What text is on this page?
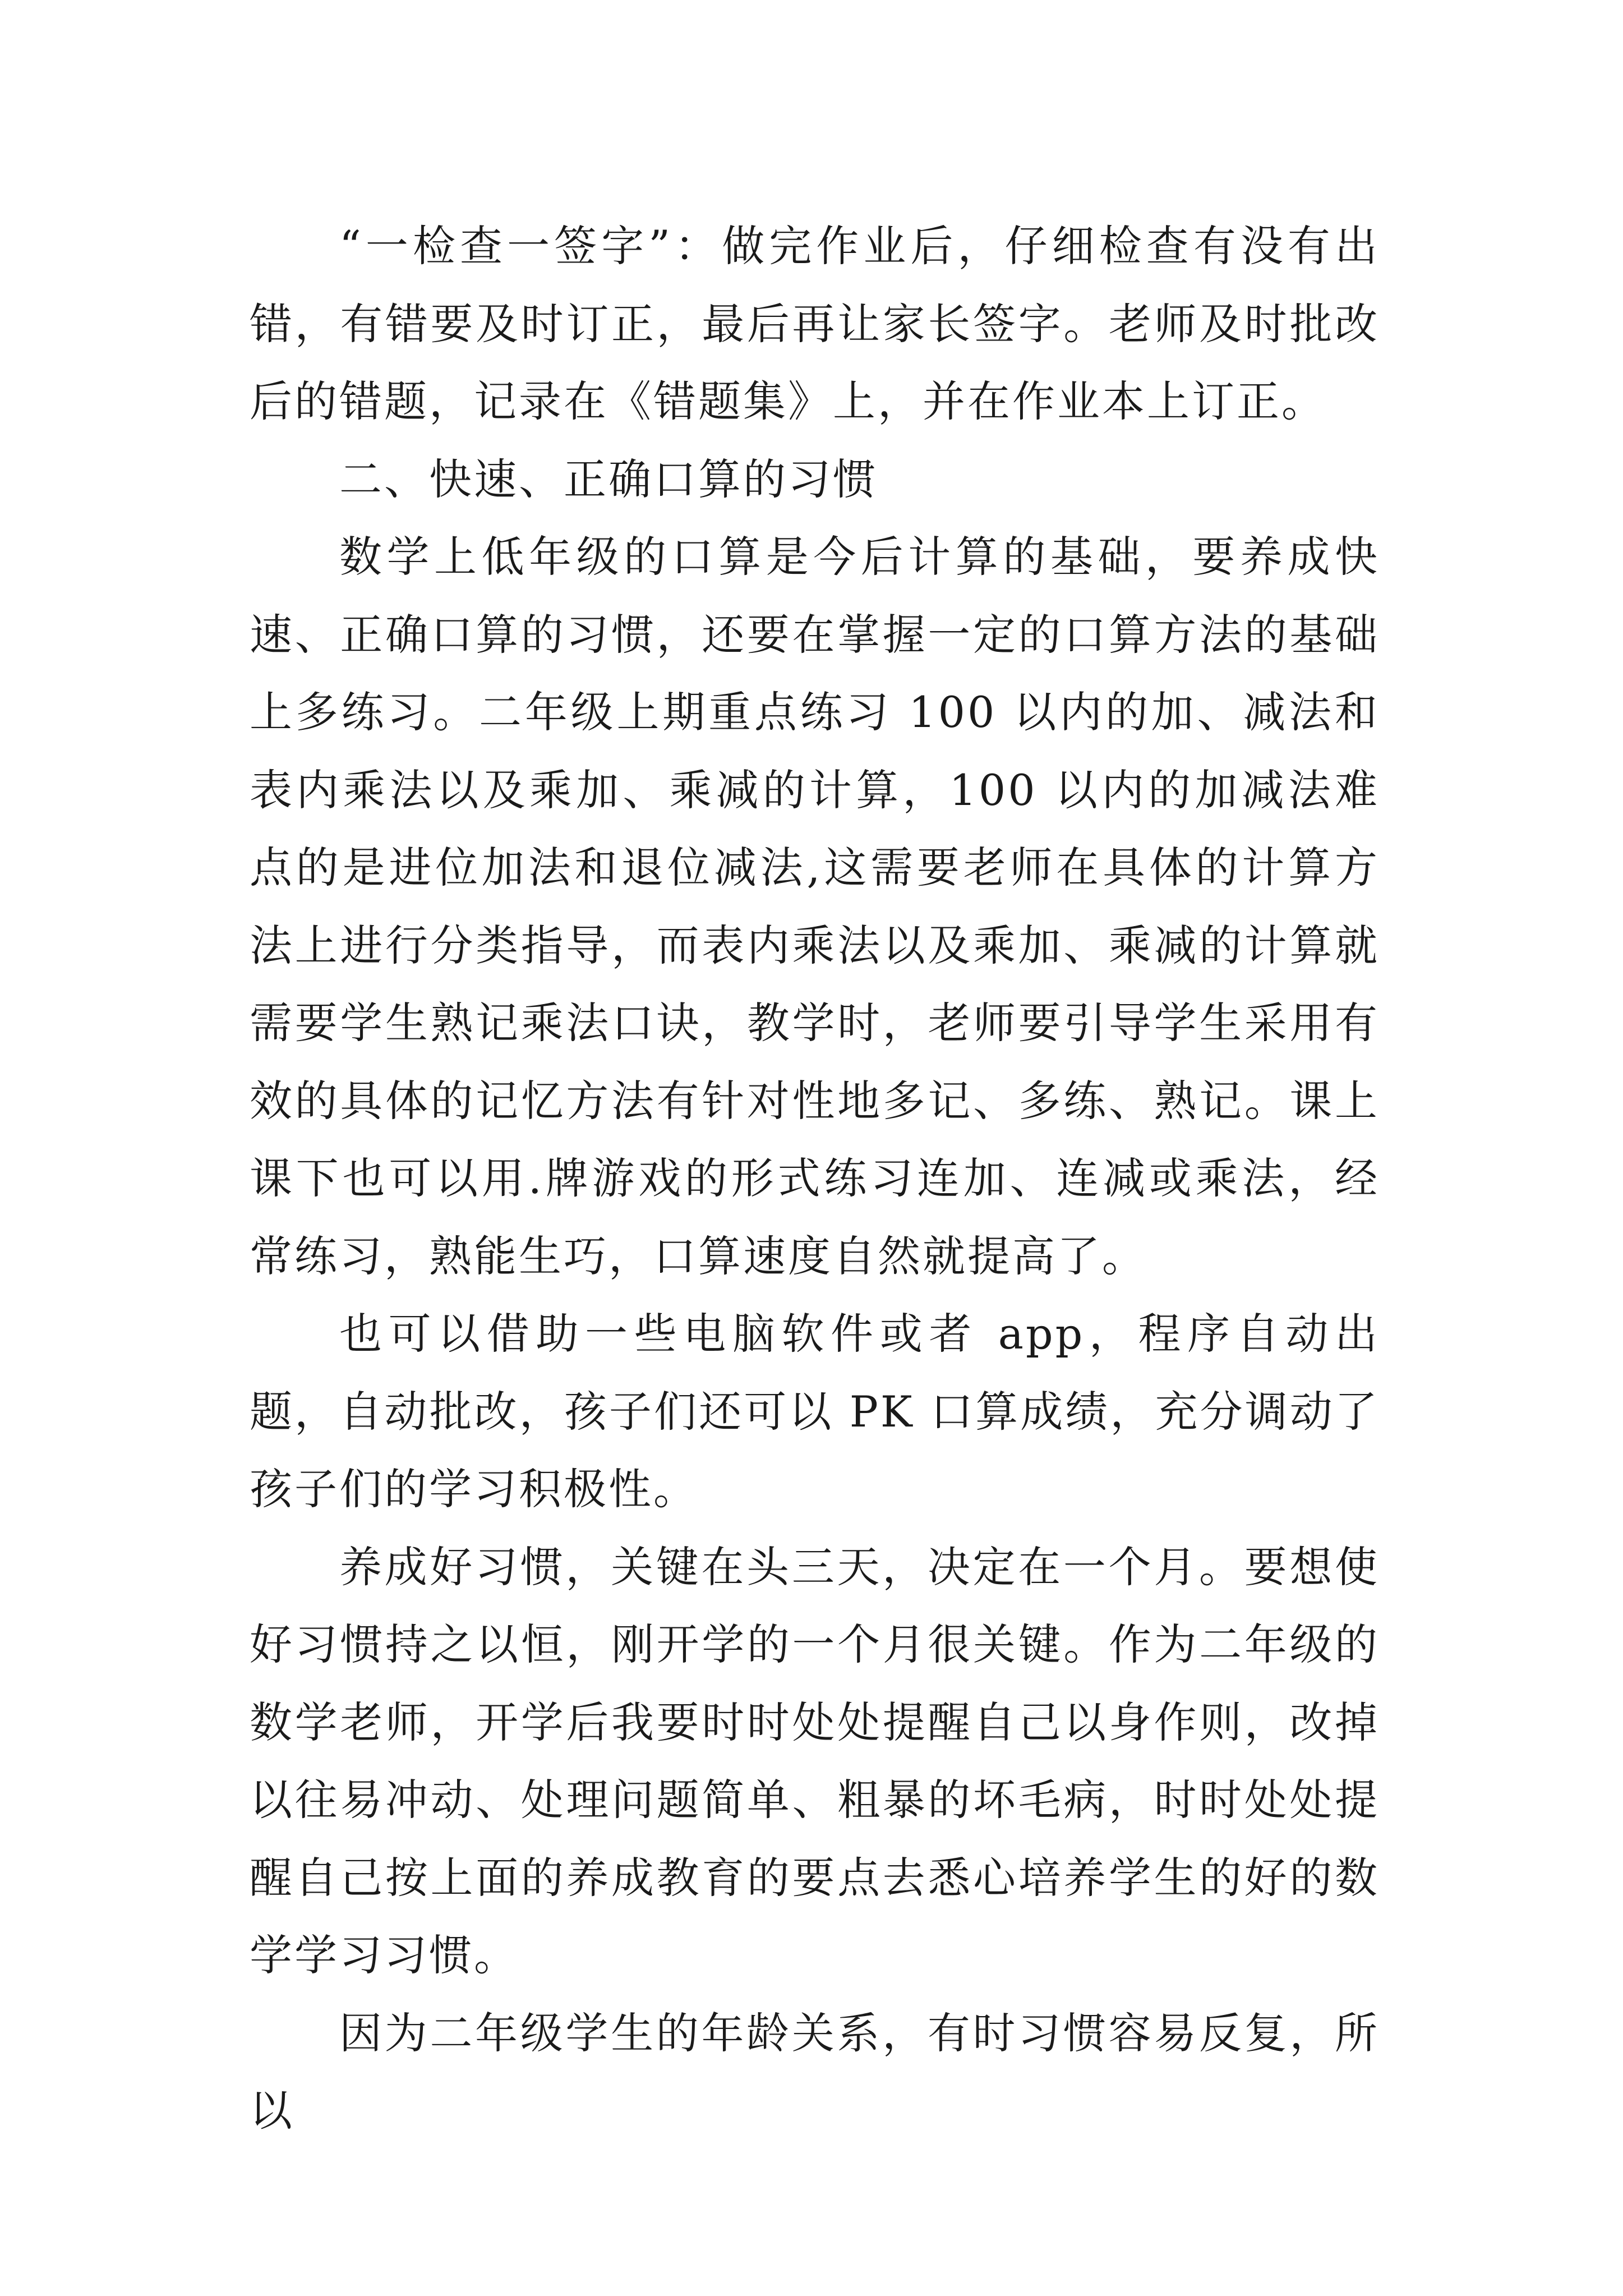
“一检查一签字”：做完作业后，仔细检查有没有出错，有错要及时订正，最后再让家长签字。老师及时批改后的错题，记录在《错题集》上，并在作业本上订正。

二、快速、正确口算的习惯

数学上低年级的口算是今后计算的基础，要养成快速、正确口算的习惯，还要在掌握一定的口算方法的基础上多练习。二年级上期重点练习 100 以内的加、减法和表内乘法以及乘加、乘减的计算，100 以内的加减法难点的是进位加法和退位减法,这需要老师在具体的计算方法上进行分类指导，而表内乘法以及乘加、乘减的计算就需要学生熟记乘法口诀，教学时，老师要引导学生采用有效的具体的记忆方法有针对性地多记、多练、熟记。课上课下也可以用.牌游戏的形式练习连加、连减或乘法，经常练习，熟能生巧，口算速度自然就提高了。

也可以借助一些电脑软件或者 app，程序自动出题，自动批改，孩子们还可以 PK 口算成绩，充分调动了孩子们的学习积极性。

养成好习惯，关键在头三天，决定在一个月。要想使好习惯持之以恒，刚开学的一个月很关键。作为二年级的数学老师，开学后我要时时处处提醒自己以身作则，改掉以往易冲动、处理问题简单、粗暴的坏毛病，时时处处提醒自己按上面的养成教育的要点去悉心培养学生的好的数学学习习惯。

因为二年级学生的年龄关系，有时习惯容易反复，所以
